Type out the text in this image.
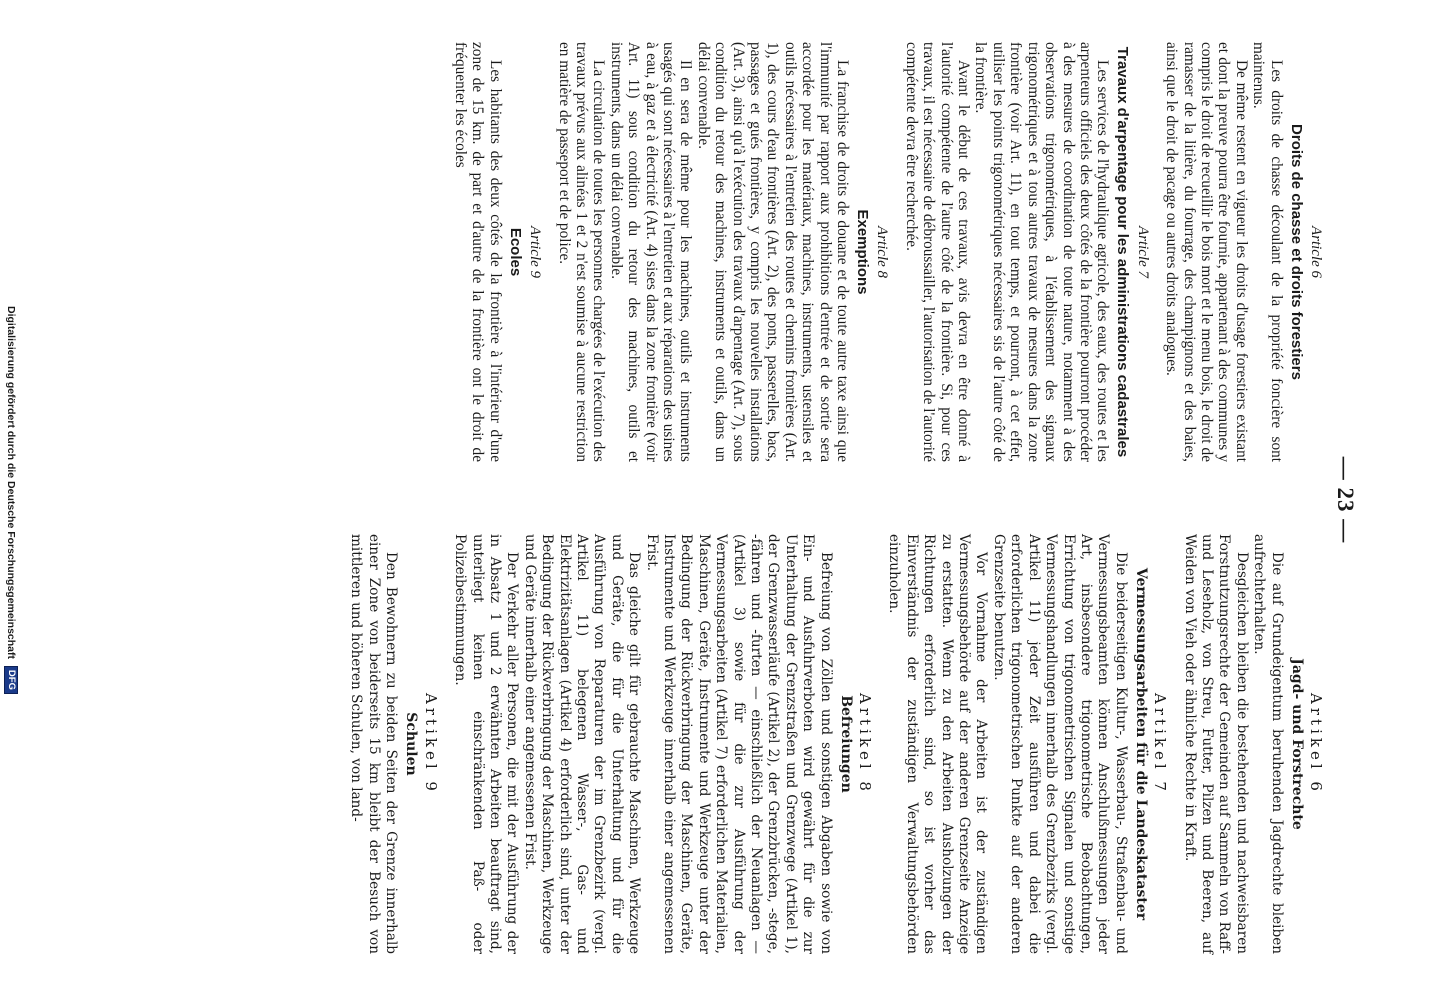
— 23 —

Article 6

Droits de chasse et droits forestiers

Les droits de chasse découlant de la propriété foncière sont maintenus.

De même restent en vigueur les droits d'usage forestiers existant et dont la preuve pourra être fournie, appartenant à des communes y compris le droit de recueillir le bois mort et le menu bois, le droit de ramasser de la litière, du fourrage, des champignons et des baies, ainsi que le droit de pacage ou autres droits analogues.

Article 7

Travaux d'arpentage pour les administrations cadastrales

Les services de l'hydraulique agricole, des eaux, des routes et les arpenteurs officiels des deux côtés de la frontière pourront procéder à des mesures de coordination de toute nature, notamment à des observations trigonométriques, à l'établissement des signaux trigonométriques et à tous autres travaux de mesures dans la zone frontière (voir Art. 11), en tout temps, et pourront, à cet effet, utiliser les points trigonométriques nécessaires sis de l'autre côté de la frontière.

Avant le début de ces travaux, avis devra en être donné à l'autorité compétente de l'autre côté de la frontière. Si, pour ces travaux, il est nécessaire de débroussailler, l'autorisation de l'autorité compétente devra être recherchée.

Article 8

Exemptions

La franchise de droits de douane et de toute autre taxe ainsi que l'immunité par rapport aux prohibitions d'entrée et de sortie sera accordée pour les matériaux, machines, instruments, ustensiles et outils nécessaires à l'entretien des routes et chemins frontières (Art. 1), des cours d'eau frontières (Art. 2), des ponts, passerelles, bacs, passages et gués frontières, y compris les nouvelles installations (Art. 3), ainsi qu'à l'exécution des travaux d'arpentage (Art. 7), sous condition du retour des machines, instruments et outils, dans un délai convenable.

Il en sera de même pour les machines, outils et instruments usagés qui sont nécessaires à l'entretien et aux réparations des usines à eau, à gaz et à électricité (Art. 4) sises dans la zone frontière (voir Art. 11) sous condition du retour des machines, outils et instruments, dans un délai convenable.

La circulation de toutes les personnes chargées de l'exécution des travaux prévus aux alinéas 1 et 2 n'est soumise à aucune restriction en matière de passeport et de police.

Article 9

Ecoles

Les habitants des deux côtés de la frontière à l'intérieur d'une zone de 15 km. de part et d'autre de la frontière ont le droit de fréquenter les écoles

Artikel 6

Jagd- und Forstrechte

Die auf Grundeigentum beruhenden Jagdrechte bleiben aufrechterhalten.

Desgleichen bleiben die bestehenden und nachweisbaren Forstnutzungsrechte der Gemeinden auf Sammeln von Raff- und Leseholz, von Streu, Futter, Pilzen und Beeren, auf Weiden von Vieh oder ähnliche Rechte in Kraft.

Artikel 7

Vermessungsarbeiten für die Landeskataster

Die beiderseitigen Kultur-, Wasserbau-, Straßenbau- und Vermessungsbeamten können Anschlußmessungen jeder Art, insbesondere trigonometrische Beobachtungen, Errichtung von trigonometrischen Signalen und sonstige Vermessungshandlungen innerhalb des Grenzbezirks (vergl. Artikel 11) jeder Zeit ausführen und dabei die erforderlichen trigonometrischen Punkte auf der anderen Grenzseite benutzen.

Vor Vornahme der Arbeiten ist der zuständigen Vermessungsbehörde auf der anderen Grenzseite Anzeige zu erstatten. Wenn zu den Arbeiten Ausholzungen der Richtungen erforderlich sind, so ist vorher das Einverständnis der zuständigen Verwaltungsbehörden einzuholen.

Artikel 8

Befreiungen

Befreiung von Zöllen und sonstigen Abgaben sowie von Ein- und Ausfuhrverboten wird gewährt für die zur Unterhaltung der Grenzstraßen und Grenzwege (Artikel 1), der Grenzwasserläufe (Artikel 2), der Grenzbrücken, -stege, -fähren und -furten — einschließlich der Neuanlagen — (Artikel 3) sowie für die zur Ausführung der Vermessungsarbeiten (Artikel 7) erforderlichen Materialien, Maschinen, Geräte, Instrumente und Werkzeuge unter der Bedingung der Rückverbringung der Maschinen, Geräte, Instrumente und Werkzeuge innerhalb einer angemessenen Frist.

Das gleiche gilt für gebrauchte Maschinen, Werkzeuge und Geräte, die für die Unterhaltung und für die Ausführung von Reparaturen der im Grenzbezirk (vergl. Artikel 11) belegenen Wasser-, Gas- und Elektrizitätsanlagen (Artikel 4) erforderlich sind, unter der Bedingung der Rückverbringung der Maschinen, Werkzeuge und Geräte innerhalb einer angemessenen Frist.

Der Verkehr aller Personen, die mit der Ausführung der in Absatz 1 und 2 erwähnten Arbeiten beauftragt sind, unterliegt keinen einschränkenden Paß- oder Polizeibestimmungen.

Artikel 9

Schulen

Den Bewohnern zu beiden Seiten der Grenze innerhalb einer Zone von beiderseits 15 km bleibt der Besuch von mittleren und höheren Schulen, von land-

Digitalisierung gefördert durch die Deutsche Forschungsgemeinschaft DFG
